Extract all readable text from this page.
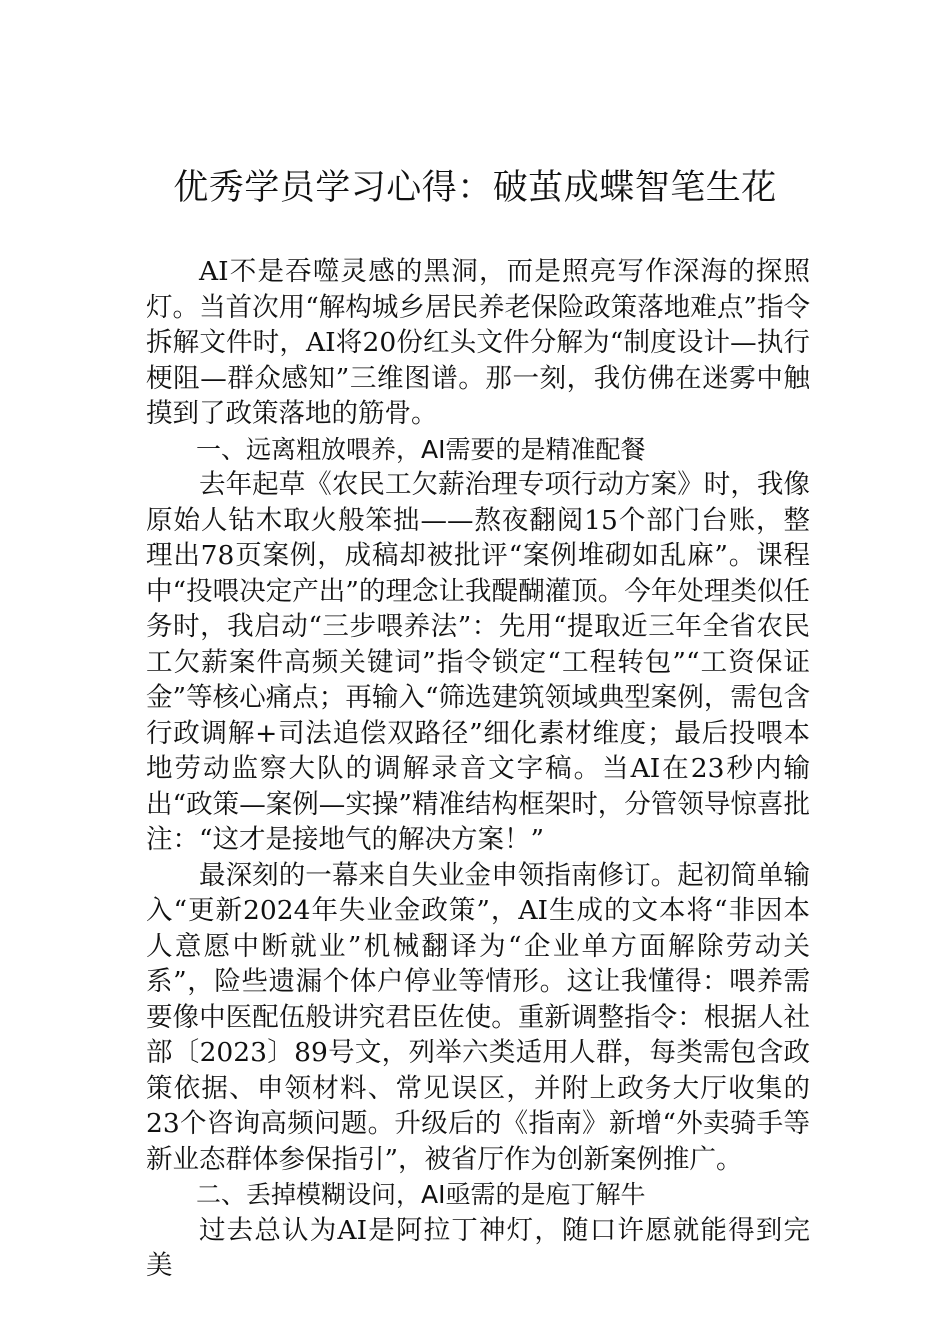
优秀学员学习心得：破茧成蝶智笔生花

AI不是吞噬灵感的黑洞，而是照亮写作深海的探照灯。当首次用“解构城乡居民养老保险政策落地难点”指令拆解文件时，AI将20份红头文件分解为“制度设计—执行梗阻—群众感知”三维图谱。那一刻，我仿佛在迷雾中触摸到了政策落地的筋骨。

一、远离粗放喂养，AI需要的是精准配餐

去年起草《农民工欠薪治理专项行动方案》时，我像原始人钻木取火般笨拙——熬夜翻阅15个部门台账，整理出78页案例，成稿却被批评“案例堆砌如乱麻”。课程中“投喂决定产出”的理念让我醍醐灌顶。今年处理类似任务时，我启动“三步喂养法”：先用“提取近三年全省农民工欠薪案件高频关键词”指令锁定“工程转包”“工资保证金”等核心痛点；再输入“筛选建筑领域典型案例，需包含行政调解+司法追偿双路径”细化素材维度；最后投喂本地劳动监察大队的调解录音文字稿。当AI在23秒内输出“政策—案例—实操”精准结构框架时，分管领导惊喜批注：“这才是接地气的解决方案！”

最深刻的一幕来自失业金申领指南修订。起初简单输入“更新2024年失业金政策”，AI生成的文本将“非因本人意愿中断就业”机械翻译为“企业单方面解除劳动关系”，险些遗漏个体户停业等情形。这让我懂得：喂养需要像中医配伍般讲究君臣佐使。重新调整指令：根据人社部〔2023〕89号文，列举六类适用人群，每类需包含政策依据、申领材料、常见误区，并附上政务大厅收集的23个咨询高频问题。升级后的《指南》新增“外卖骑手等新业态群体参保指引”，被省厅作为创新案例推广。

二、丢掉模糊设问，AI亟需的是庖丁解牛

过去总认为AI是阿拉丁神灯，随口许愿就能得到完美
